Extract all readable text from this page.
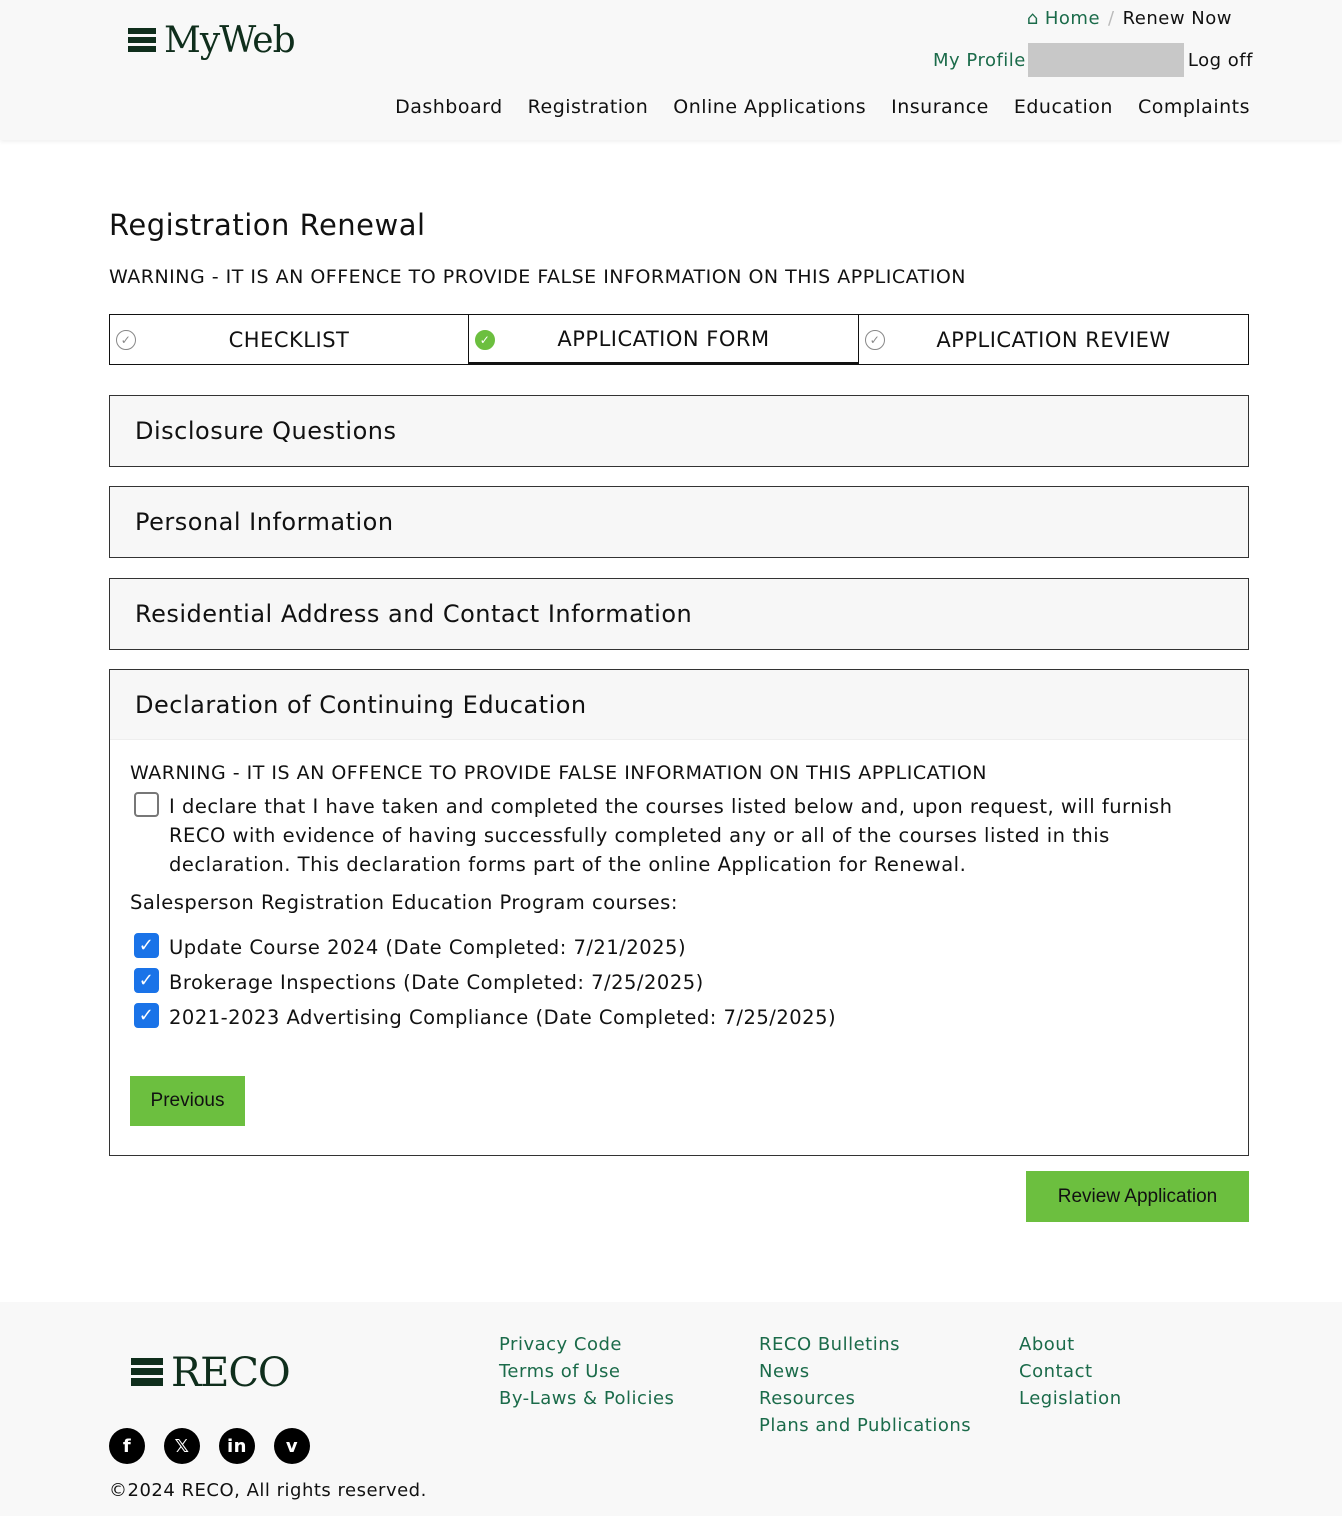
MyWeb
⌂ Home / Renew Now
My Profile	Log off
Dashboard Registration Online Applications Insurance Education Complaints
Registration Renewal
WARNING - IT IS AN OFFENCE TO PROVIDE FALSE INFORMATION ON THIS APPLICATION
✓	CHECKLIST	✓	APPLICATION FORM	✓	APPLICATION REVIEW
Disclosure Questions
Personal Information
Residential Address and Contact Information
Declaration of Continuing Education
WARNING - IT IS AN OFFENCE TO PROVIDE FALSE INFORMATION ON THIS APPLICATION
I declare that I have taken and completed the courses listed below and, upon request, will furnish RECO with evidence of having successfully completed any or all of the courses listed in this declaration. This declaration forms part of the online Application for Renewal.
Salesperson Registration Education Program courses:
✓ Update Course 2024 (Date Completed: 7/21/2025)
✓ Brokerage Inspections (Date Completed: 7/25/2025)
✓ 2021-2023 Advertising Compliance (Date Completed: 7/25/2025)
Previous
Review Application
RECO
Privacy Code
Terms of Use
By-Laws & Policies
RECO Bulletins
News
Resources
Plans and Publications
About
Contact
Legislation
f	𝕏	in	v
©2024 RECO, All rights reserved.
